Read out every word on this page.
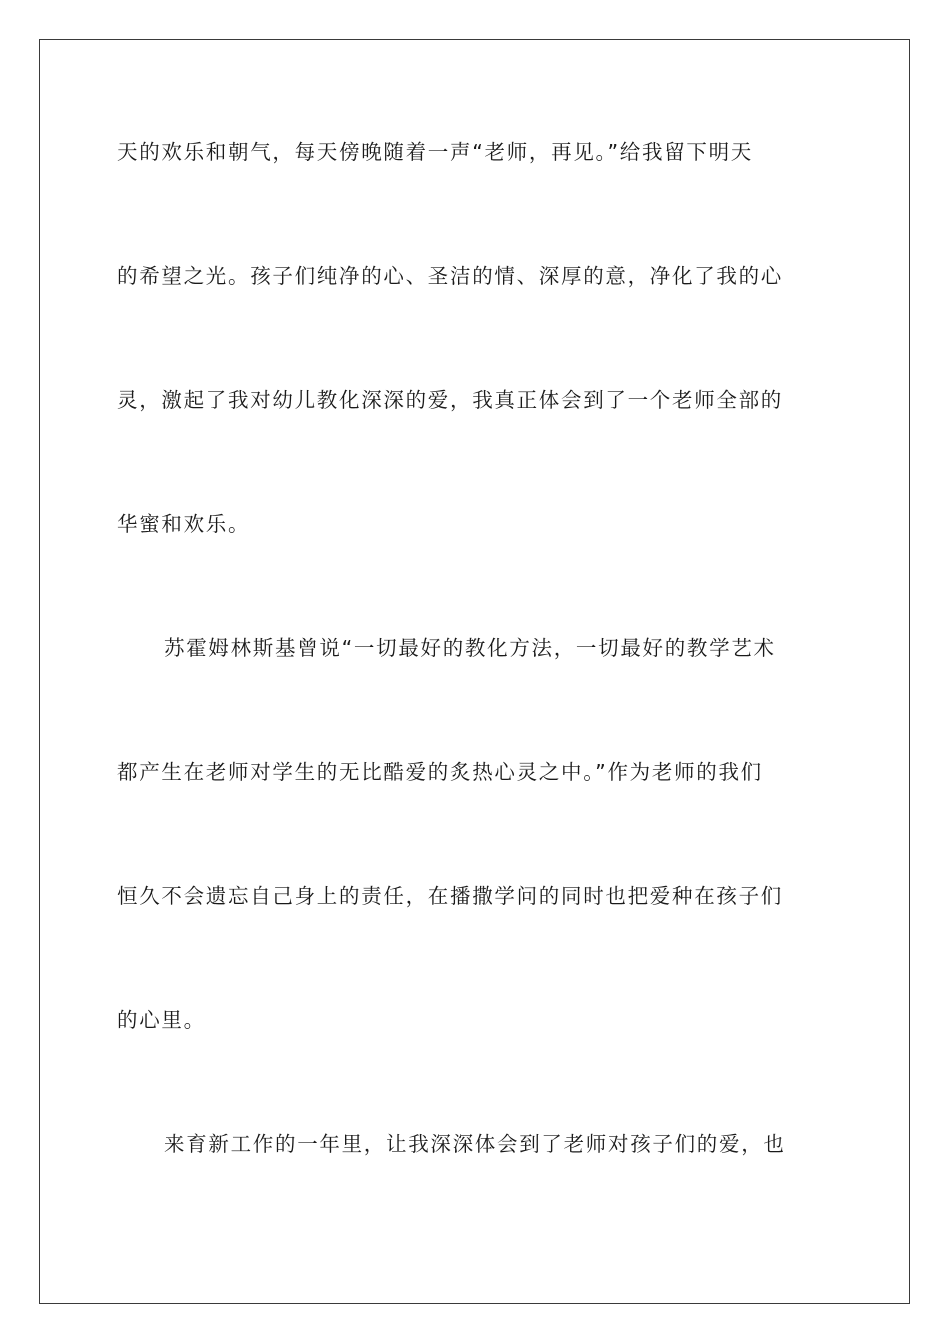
天的欢乐和朝气，每天傍晚随着一声“老师，再见。”给我留下明天
的希望之光。孩子们纯净的心、圣洁的情、深厚的意，净化了我的心
灵，激起了我对幼儿教化深深的爱，我真正体会到了一个老师全部的
华蜜和欢乐。
苏霍姆林斯基曾说“一切最好的教化方法，一切最好的教学艺术
都产生在老师对学生的无比酷爱的炙热心灵之中。”作为老师的我们
恒久不会遗忘自己身上的责任，在播撒学问的同时也把爱种在孩子们
的心里。
来育新工作的一年里，让我深深体会到了老师对孩子们的爱，也
